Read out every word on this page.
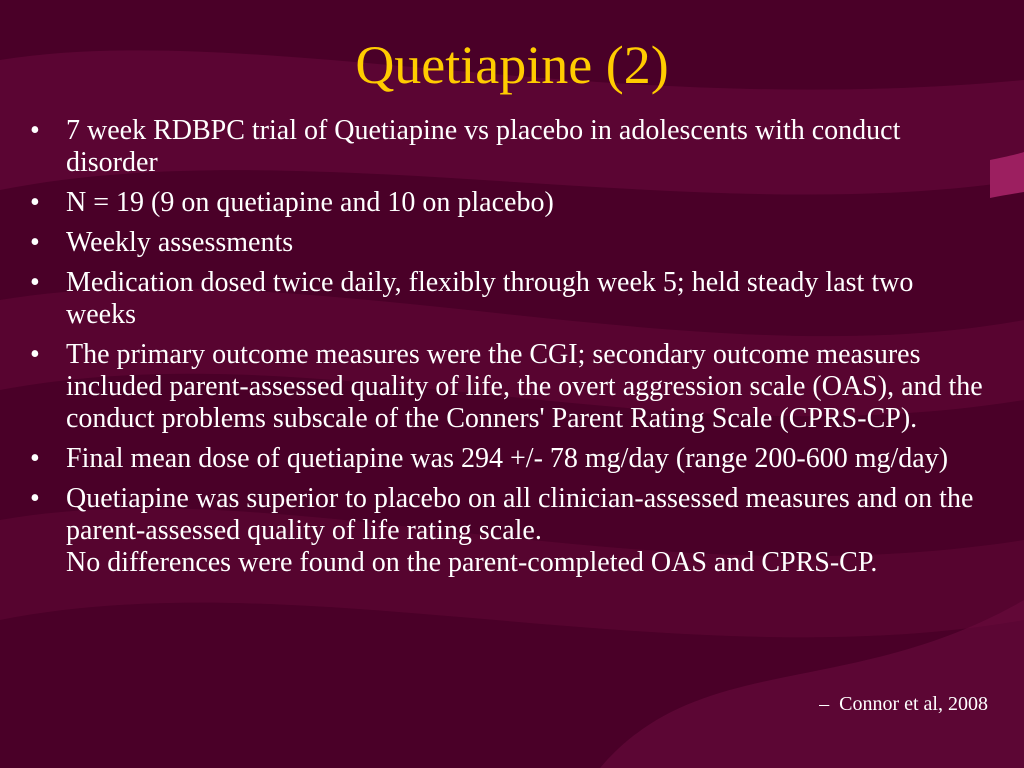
Quetiapine (2)
• 7 week RDBPC trial of Quetiapine vs placebo in adolescents with conduct disorder
• N = 19 (9 on quetiapine and 10 on placebo)
• Weekly assessments
• Medication dosed twice daily, flexibly through week 5; held steady last two weeks
• The primary outcome measures were the CGI; secondary outcome measures included parent-assessed quality of life, the overt aggression scale (OAS), and the conduct problems subscale of the Conners' Parent Rating Scale (CPRS-CP).
• Final mean dose of quetiapine was 294 +/- 78 mg/day (range 200-600 mg/day)
• Quetiapine was superior to placebo on all clinician-assessed measures and on the parent-assessed quality of life rating scale.
No differences were found on the parent-completed OAS and CPRS-CP.
– Connor et al, 2008
